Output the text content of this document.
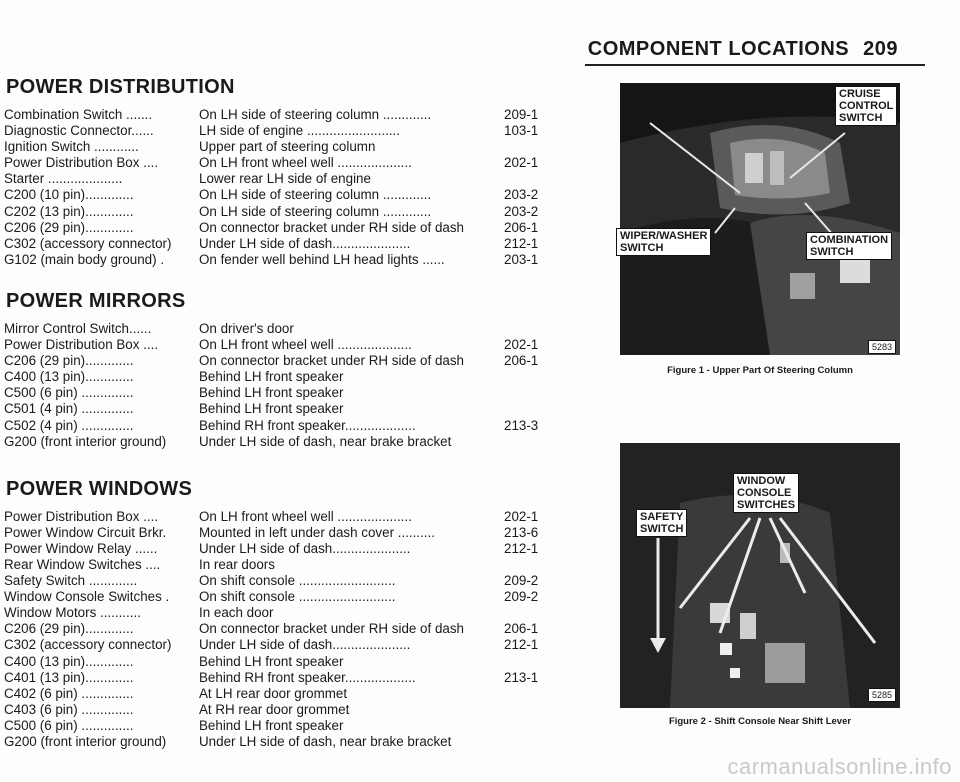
COMPONENT LOCATIONS 209
POWER DISTRIBUTION
Combination Switch .......	On LH side of steering column .............	209-1
Diagnostic Connector......	LH side of engine .........................	103-1
Ignition Switch ............	Upper part of steering column
Power Distribution Box ....	On LH front wheel well ....................	202-1
Starter ....................	Lower rear LH side of engine
C200 (10 pin).............	On LH side of steering column .............	203-2
C202 (13 pin).............	On LH side of steering column .............	203-2
C206 (29 pin).............	On connector bracket under RH side of dash	206-1
C302 (accessory connector)	Under LH side of dash.....................	212-1
G102 (main body ground) .	On fender well behind LH head lights ......	203-1
POWER MIRRORS
Mirror Control Switch......	On driver's door
Power Distribution Box ....	On LH front wheel well ....................	202-1
C206 (29 pin).............	On connector bracket under RH side of dash	206-1
C400 (13 pin).............	Behind LH front speaker
C500 (6 pin) ..............	Behind LH front speaker
C501 (4 pin) ..............	Behind LH front speaker
C502 (4 pin) ..............	Behind RH front speaker...................	213-3
G200 (front interior ground)	Under LH side of dash, near brake bracket
POWER WINDOWS
Power Distribution Box ....	On LH front wheel well ....................	202-1
Power Window Circuit Brkr.	Mounted in left under dash cover ..........	213-6
Power Window Relay ......	Under LH side of dash.....................	212-1
Rear Window Switches ....	In rear doors
Safety Switch .............	On shift console ..........................	209-2
Window Console Switches .	On shift console ..........................	209-2
Window Motors ...........	In each door
C206 (29 pin).............	On connector bracket under RH side of dash	206-1
C302 (accessory connector)	Under LH side of dash.....................	212-1
C400 (13 pin).............	Behind LH front speaker
C401 (13 pin).............	Behind RH front speaker...................	213-1
C402 (6 pin) ..............	At LH rear door grommet
C403 (6 pin) ..............	At RH rear door grommet
C500 (6 pin) ..............	Behind LH front speaker
G200 (front interior ground)	Under LH side of dash, near brake bracket
CRUISE
CONTROL
SWITCH
COMBINATION
SWITCH
WIPER/WASHER
SWITCH
5283
Figure 1 - Upper Part Of Steering Column
WINDOW
CONSOLE
SWITCHES
SAFETY
SWITCH
5285
Figure 2 - Shift Console Near Shift Lever
carmanualsonline.info
